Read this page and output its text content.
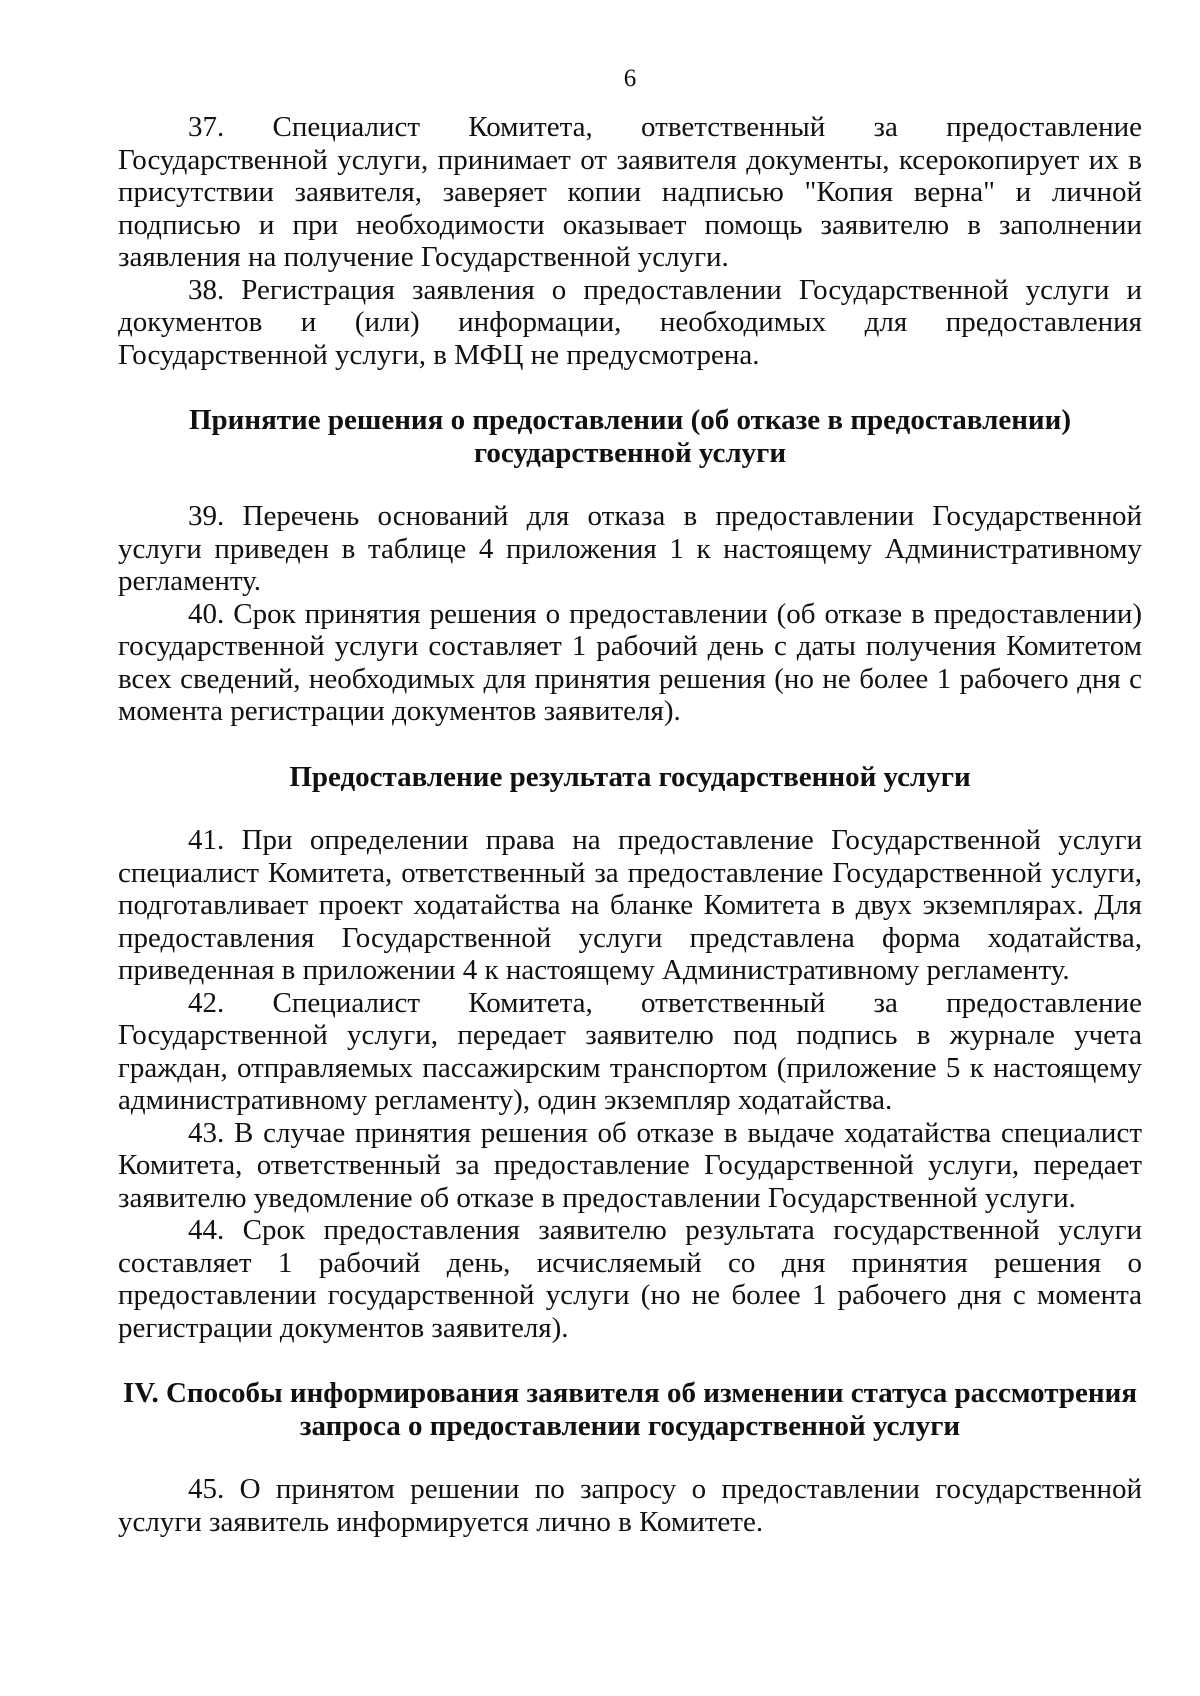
6

37. Специалист Комитета, ответственный за предоставление Государственной услуги, принимает от заявителя документы, ксерокопирует их в присутствии заявителя, заверяет копии надписью "Копия верна" и личной подписью и при необходимости оказывает помощь заявителю в заполнении заявления на получение Государственной услуги.

38. Регистрация заявления о предоставлении Государственной услуги и документов и (или) информации, необходимых для предоставления Государственной услуги, в МФЦ не предусмотрена.

Принятие решения о предоставлении (об отказе в предоставлении)
государственной услуги

39. Перечень оснований для отказа в предоставлении Государственной услуги приведен в таблице 4 приложения 1 к настоящему Административному регламенту.

40. Срок принятия решения о предоставлении (об отказе в предоставлении) государственной услуги составляет 1 рабочий день с даты получения Комитетом всех сведений, необходимых для принятия решения (но не более 1 рабочего дня с момента регистрации документов заявителя).

Предоставление результата государственной услуги

41. При определении права на предоставление Государственной услуги специалист Комитета, ответственный за предоставление Государственной услуги, подготавливает проект ходатайства на бланке Комитета в двух экземплярах. Для предоставления Государственной услуги представлена форма ходатайства, приведенная в приложении 4 к настоящему Административному регламенту.

42. Специалист Комитета, ответственный за предоставление Государственной услуги, передает заявителю под подпись в журнале учета граждан, отправляемых пассажирским транспортом (приложение 5 к настоящему административному регламенту), один экземпляр ходатайства.

43. В случае принятия решения об отказе в выдаче ходатайства специалист Комитета, ответственный за предоставление Государственной услуги, передает заявителю уведомление об отказе в предоставлении Государственной услуги.

44. Срок предоставления заявителю результата государственной услуги составляет 1 рабочий день, исчисляемый со дня принятия решения о предоставлении государственной услуги (но не более 1 рабочего дня с момента регистрации документов заявителя).

IV. Способы информирования заявителя об изменении статуса рассмотрения
запроса о предоставлении государственной услуги

45. О принятом решении по запросу о предоставлении государственной услуги заявитель информируется лично в Комитете.
